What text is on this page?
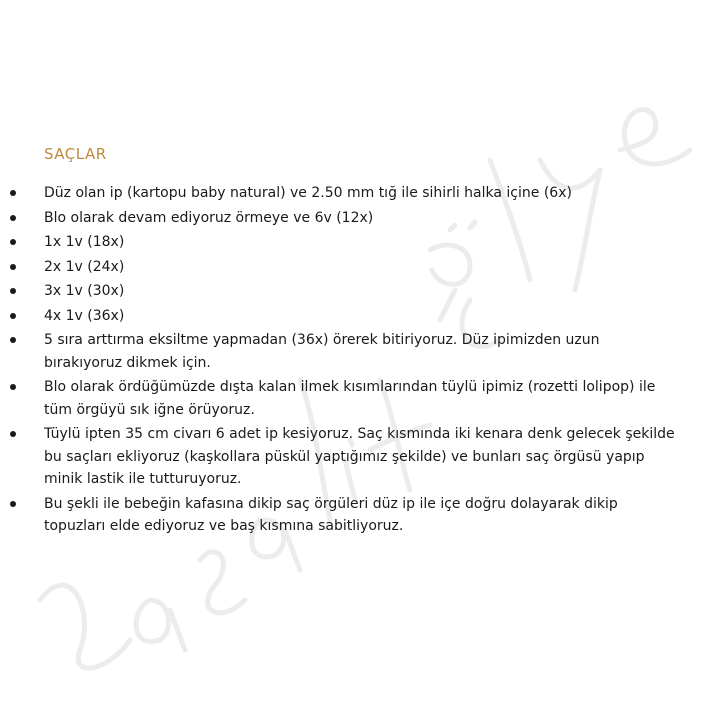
SAÇLAR
Düz olan ip (kartopu baby natural) ve 2.50 mm tığ ile sihirli halka içine (6x)
Blo olarak devam ediyoruz örmeye ve 6v (12x)
1x 1v (18x)
2x 1v (24x)
3x 1v (30x)
4x 1v (36x)
5 sıra arttırma eksiltme yapmadan (36x) örerek bitiriyoruz. Düz ipimizden uzun
bırakıyoruz dikmek için.
Blo olarak ördüğümüzde dışta kalan ilmek kısımlarından tüylü ipimiz (rozetti lolipop) ile
tüm örgüyü sık iğne örüyoruz.
Tüylü ipten 35 cm civarı 6 adet ip kesiyoruz. Saç kısmında iki kenara denk gelecek şekilde
bu saçları ekliyoruz (kaşkollara püskül yaptığımız şekilde) ve bunları saç örgüsü yapıp
minik lastik ile tutturuyoruz.
Bu şekli ile bebeğin kafasına dikip saç örgüleri düz ip ile içe doğru dolayarak dikip
topuzları elde ediyoruz ve baş kısmına sabitliyoruz.
